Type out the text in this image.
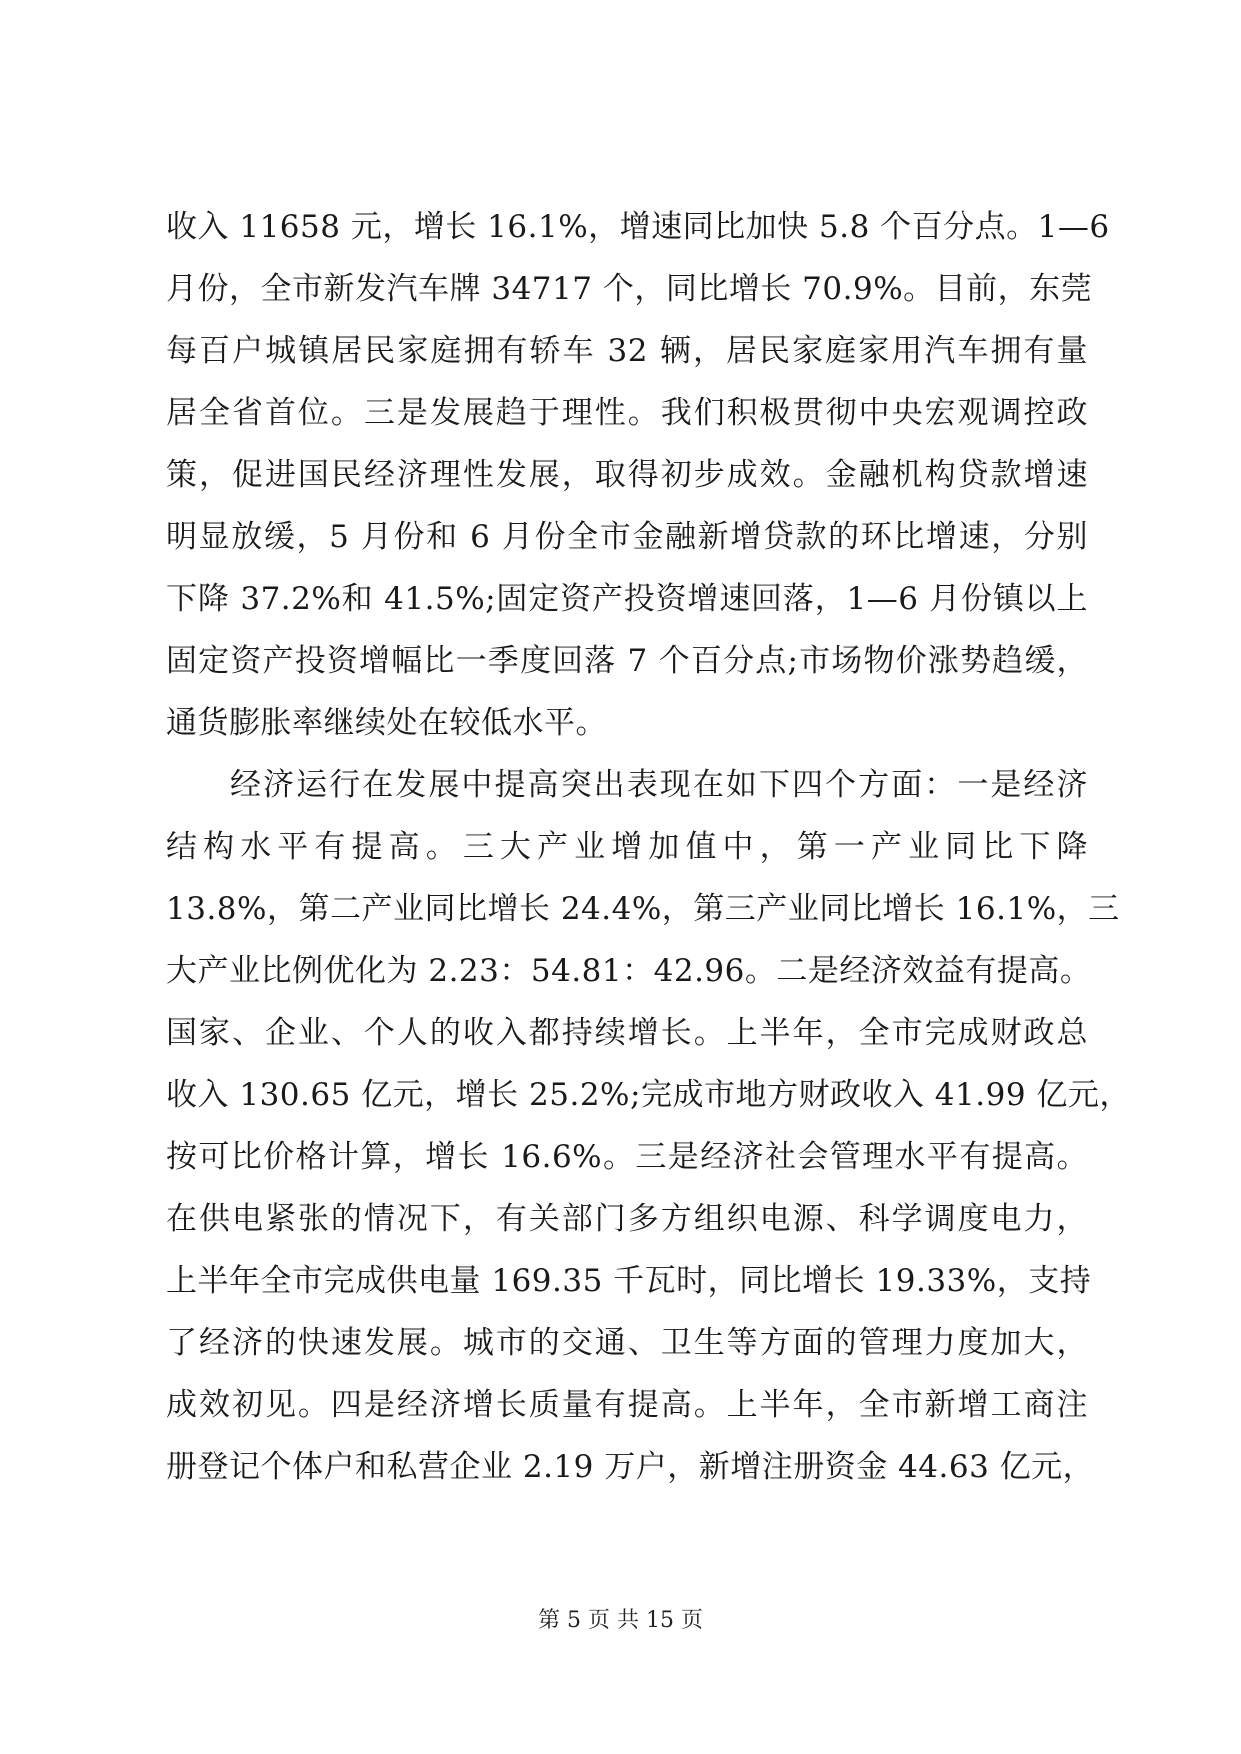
收入 11658 元，增长 16.1%，增速同比加快 5.8 个百分点。1—6
月份，全市新发汽车牌 34717 个，同比增长 70.9%。目前，东莞
每百户城镇居民家庭拥有轿车 32 辆，居民家庭家用汽车拥有量
居全省首位。三是发展趋于理性。我们积极贯彻中央宏观调控政
策，促进国民经济理性发展，取得初步成效。金融机构贷款增速
明显放缓，5 月份和 6 月份全市金融新增贷款的环比增速，分别
下降 37.2%和 41.5%;固定资产投资增速回落，1—6 月份镇以上
固定资产投资增幅比一季度回落 7 个百分点;市场物价涨势趋缓，
通货膨胀率继续处在较低水平。
经济运行在发展中提高突出表现在如下四个方面：一是经济
结构水平有提高。三大产业增加值中，第一产业同比下降
13.8%，第二产业同比增长 24.4%，第三产业同比增长 16.1%，三
大产业比例优化为 2.23：54.81：42.96。二是经济效益有提高。
国家、企业、个人的收入都持续增长。上半年，全市完成财政总
收入 130.65 亿元，增长 25.2%;完成市地方财政收入 41.99 亿元，
按可比价格计算，增长 16.6%。三是经济社会管理水平有提高。
在供电紧张的情况下，有关部门多方组织电源、科学调度电力，
上半年全市完成供电量 169.35 千瓦时，同比增长 19.33%，支持
了经济的快速发展。城市的交通、卫生等方面的管理力度加大，
成效初见。四是经济增长质量有提高。上半年，全市新增工商注
册登记个体户和私营企业 2.19 万户，新增注册资金 44.63 亿元，
第 5 页 共 15 页
